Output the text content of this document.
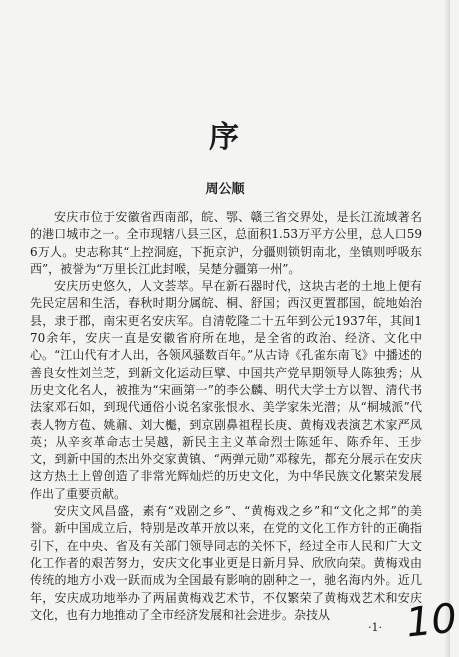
序
周公顺

安庆市位于安徽省西南部，皖、鄂、赣三省交界处，是长江流域著名的港口城市之一。全市现辖八县三区，总面积1.53万平方公里，总人口596万人。史志称其“上控洞庭，下扼京沪，分疆则锁钥南北，坐镇则呼吸东西”，被誉为“万里长江此封喉，吴楚分疆第一州”。

安庆历史悠久，人文荟萃。早在新石器时代，这块古老的土地上便有先民定居和生活，春秋时期分属皖、桐、舒国；西汉更置郡国，皖地始治县，隶于郡，南宋更名安庆军。自清乾隆二十五年到公元1937年，其间170余年，安庆一直是安徽省府所在地，是全省的政治、经济、文化中心。“江山代有才人出，各领风骚数百年。”从古诗《孔雀东南飞》中播述的善良女性刘兰芝，到新文化运动巨擘、中国共产党早期领导人陈独秀；从历史文化名人，被推为“宋画第一”的李公麟、明代大学士方以智、清代书法家邓石如，到现代通俗小说名家张恨水、美学家朱光潜；从“桐城派”代表人物方苞、姚鼐、刘大櫆，到京剧鼻祖程长庚、黄梅戏表演艺术家严凤英；从辛亥革命志士吴越，新民主主义革命烈士陈延年、陈乔年、王步文，到新中国的杰出外交家黄镇、“两弹元勋”邓稼先，都充分展示在安庆这方热土上曾创造了非常光辉灿烂的历史文化，为中华民族文化繁荣发展作出了重要贡献。

安庆文风昌盛，素有“戏剧之乡”、“黄梅戏之乡”和“文化之邦”的美誉。新中国成立后，特别是改革开放以来，在党的文化工作方针的正确指引下，在中央、省及有关部门领导同志的关怀下，经过全市人民和广大文化工作者的艰苦努力，安庆文化事业更是日新月异、欣欣向荣。黄梅戏由传统的地方小戏一跃而成为全国最有影响的剧种之一，驰名海内外。近几年，安庆成功地举办了两届黄梅戏艺术节，不仅繁荣了黄梅戏艺术和安庆文化，也有力地推动了全市经济发展和社会进步。杂技从

·1· 10
